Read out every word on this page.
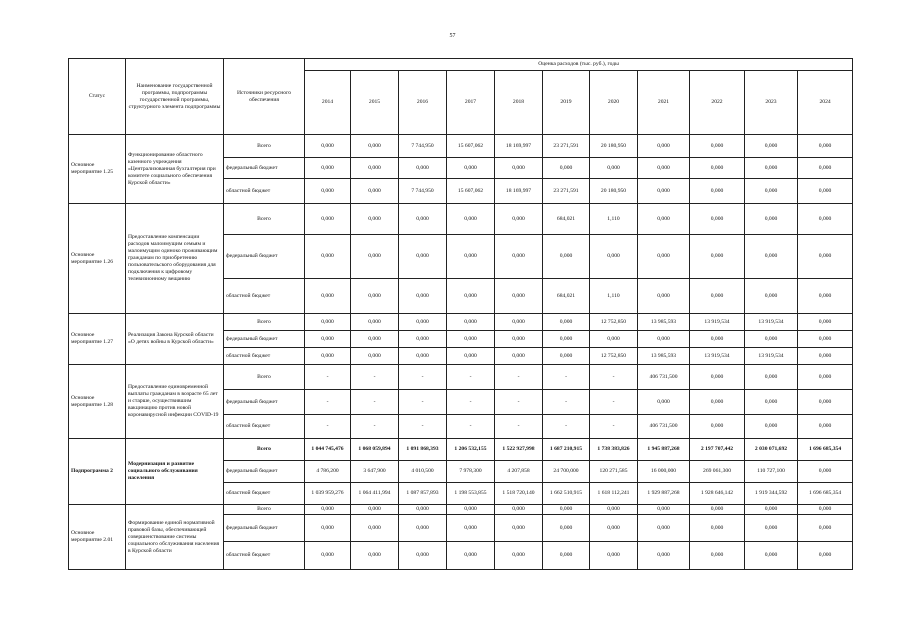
57
Статус	Наименование государственной программы, подпрограммы государственной программы, структурного элемента подпрограммы	Источники ресурсного обеспечения	Оценка расходов (тыс. руб.), годы										
			2014	2015	2016	2017	2018	2019	2020	2021	2022	2023	2024
Основное мероприятие 1.25	Функционирование областного казенного учреждения «Централизованная бухгалтерия при комитете социального обеспечения Курской области»	Всего	0,000	0,000	7 744,950	15 607,062	18 169,997	23 271,591	20 180,950	0,000	0,000	0,000	0,000
		федеральный бюджет	0,000	0,000	0,000	0,000	0,000	0,000	0,000	0,000	0,000	0,000	0,000
		областной бюджет	0,000	0,000	7 744,950	15 607,062	18 169,997	23 271,591	20 180,950	0,000	0,000	0,000	0,000
Основное мероприятие 1.26	Предоставление компенсации расходов малоимущим семьям и малоимущим одиноко проживающим гражданам по приобретению пользовательского оборудования для подключения к цифровому телевизионному вещанию	Всего	0,000	0,000	0,000	0,000	0,000	684,021	1,110	0,000	0,000	0,000	0,000
		федеральный бюджет	0,000	0,000	0,000	0,000	0,000	0,000	0,000	0,000	0,000	0,000	0,000
		областной бюджет	0,000	0,000	0,000	0,000	0,000	684,021	1,110	0,000	0,000	0,000	0,000
Основное мероприятие 1.27	Реализация Закона Курской области «О детях войны в Курской области»	Всего	0,000	0,000	0,000	0,000	0,000	0,000	12 752,850	13 985,593	13 919,534	13 919,534	0,000
		федеральный бюджет	0,000	0,000	0,000	0,000	0,000	0,000	0,000	0,000	0,000	0,000	0,000
		областной бюджет	0,000	0,000	0,000	0,000	0,000	0,000	12 752,850	13 985,593	13 919,534	13 919,534	0,000
Основное мероприятие 1.28	Предоставление единовременной выплаты гражданам в возрасте 65 лет и старше, осуществившим вакцинацию против новой коронавирусной инфекции COVID-19	Всего	-	-	-	-	-	-	-	406 731,500	0,000	0,000	0,000
		федеральный бюджет	-	-	-	-	-	-	-	0,000	0,000	0,000	0,000
		областной бюджет	-	-	-	-	-	-	-	406 731,500	0,000	0,000	0,000
Подпрограмма 2	Модернизация и развитие социального обслуживания населения	Всего	1 044 745,476	1 068 059,894	1 091 868,393	1 206 532,155	1 522 927,998	1 687 210,915	1 738 383,826	1 945 887,268	2 197 707,442	2 030 071,692	1 696 685,354
		федеральный бюджет	4 786,200	3 647,900	4 010,500	7 978,300	4 207,858	24 700,000	120 271,585	16 000,000	269 061,300	110 727,100	0,000
		областной бюджет	1 039 959,276	1 064 411,994	1 087 857,893	1 198 553,855	1 518 720,140	1 662 510,915	1 618 112,241	1 929 887,268	1 928 646,142	1 919 344,592	1 696 685,354
Основное мероприятие 2.01	Формирование единой нормативной правовой базы, обеспечивающей совершенствование системы социального обслуживания населения в Курской области	Всего	0,000	0,000	0,000	0,000	0,000	0,000	0,000	0,000	0,000	0,000	0,000
		федеральный бюджет	0,000	0,000	0,000	0,000	0,000	0,000	0,000	0,000	0,000	0,000	0,000
		областной бюджет	0,000	0,000	0,000	0,000	0,000	0,000	0,000	0,000	0,000	0,000	0,000
